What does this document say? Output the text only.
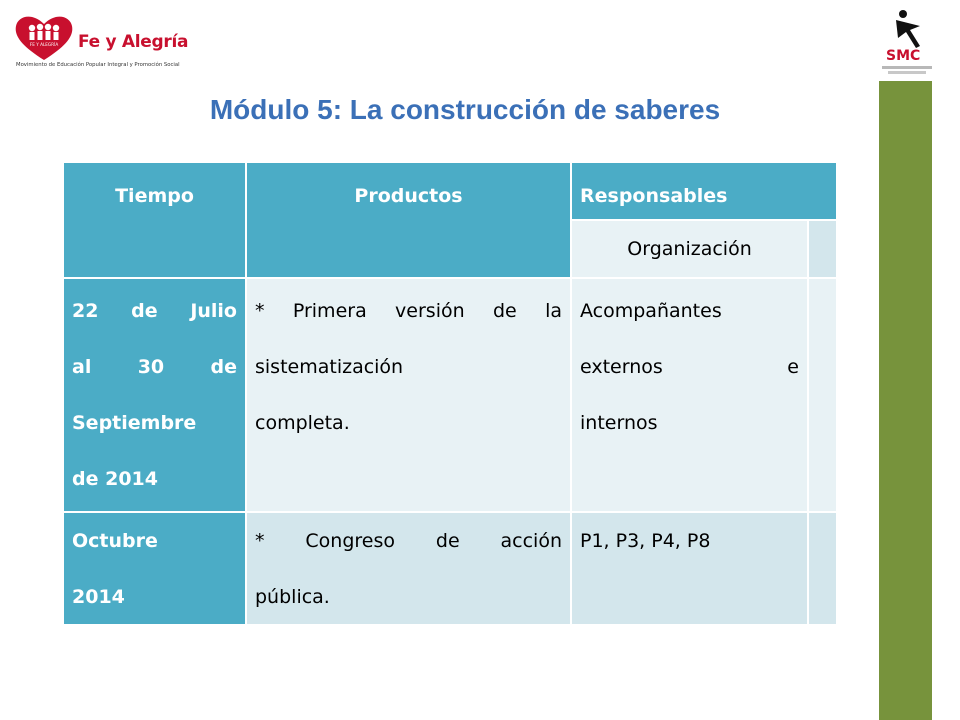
FE Y ALEGRÍA Fe y Alegría
Movimiento de Educación Popular Integral y Promoción Social
SMC
Módulo 5: La construcción de saberes
Tiempo	Productos	Responsables
Organización
22 de Julio
al 30 de
Septiembre
de 2014
* Primera versión de la
sistematización
completa.
Acompañantes
externos e
internos
Octubre
2014
* Congreso de acción
pública.
P1, P3, P4, P8
